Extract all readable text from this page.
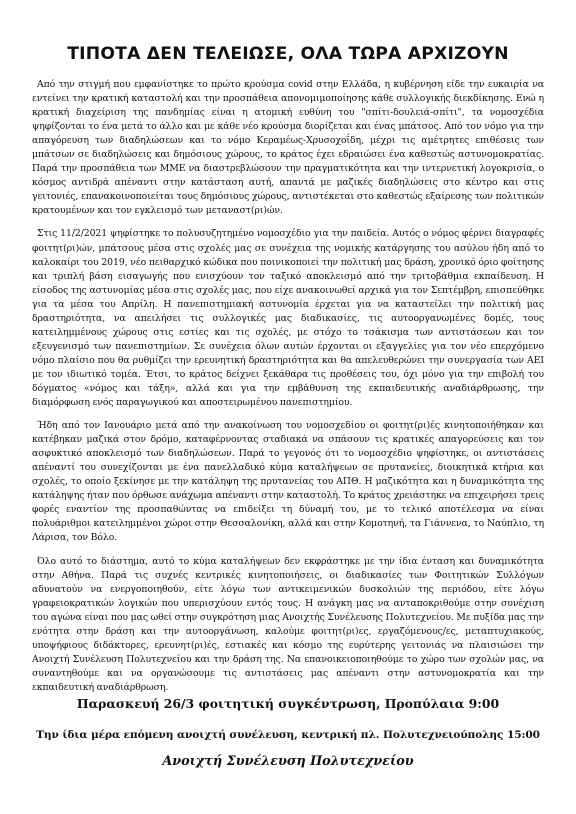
ΤΙΠΟΤΑ ΔΕΝ ΤΕΛΕΙΩΣΕ, ΟΛΑ ΤΩΡΑ ΑΡΧΙΖΟΥΝ

Από την στιγμή που εμφανίστηκε το πρώτο κρούσμα covid στην Ελλάδα, η κυβέρνηση είδε την ευκαιρία να εντείνει την κρατική καταστολή και την προσπάθεια απονομιμοποίησης κάθε συλλογικής διεκδίκησης. Ενώ η κρατική διαχείριση της πανδημίας είναι η ατομική ευθύνη του "σπίτι-δουλειά-σπίτι", τα νομοσχέδια ψηφίζονται το ένα μετά το άλλο και με κάθε νέο κρούσμα διορίζεται και ένας μπάτσος. Από τον νόμο για την απαγόρευση των διαδηλώσεων και το νόμο Κεραμέως-Χρυσοχοΐδη, μέχρι τις αμέτρητες επιθέσεις των μπάτσων σε διαδηλώσεις και δημόσιους χώρους, το κράτος έχει εδραιώσει ένα καθεστώς αστυνομοκρατίας. Παρά την προσπάθεια των ΜΜΕ να διαστρεβλώσουν την πραγματικότητα και την ιντερνετική λογοκρισία, ο κόσμος αντιδρά απέναντι στην κατάσταση αυτή, απαντά με μαζικές διαδηλώσεις στο κέντρο και στις γειτονιές, επανακοινοποιείται τους δημόσιους χώρους, αντιστέκεται στο καθεστώς εξαίρεσης των πολιτικών κρατουμένων και τον εγκλεισμό των μεταναστ(ρι)ών.

Στις 11/2/2021 ψηφίστηκε το πολυσυζητημένο νομοσχέδιο για την παιδεία. Αυτός ο νόμος φέρνει διαγραφές φοιτητ(ρι)ών, μπάτσους μέσα στις σχολές μας σε συνέχεια της νομικής κατάργησης του ασύλου ήδη από το καλοκαίρι του 2019, νέο πειθαρχικό κώδικα που ποινικοποιεί την πολιτική μας δράση, χρονικό όριο φοίτησης και τριπλή βάση εισαγωγής που ενισχύουν τον ταξικό αποκλεισμό από την τριτοβάθμια εκπαίδευση. Η είσοδος της αστυνομίας μέσα στις σχολές μας, που είχε ανακοινωθεί αρχικά για τον Σεπτέμβρη, επισπεύθηκε για τα μέσα του Απρίλη. Η πανεπιστημιακή αστυνομία έρχεται για να καταστείλει την πολιτική μας δραστηριότητα, να απειλήσει τις συλλογικές μας διαδικασίες, τις αυτοοργανωμένες δομές, τους κατειλημμένους χώρους στις εστίες και τις σχολές, με στόχο το τσάκισμα των αντιστάσεων και τον εξευγενισμό των πανεπιστημίων. Σε συνέχεια όλων αυτών έρχονται οι εξαγγελίες για τον νέο επερχόμενο νόμο πλαίσιο που θα ρυθμίζει την ερευνητική δραστηριότητα και θα απελευθερώνει την συνεργασία των ΑΕΙ με τον ιδιωτικό τομέα. Έτσι, το κράτος δείχνει ξεκάθαρα τις προθέσεις του, όχι μόνο για την επιβολή του δόγματος «νόμος και τάξη», αλλά και για την εμβάθυνση της εκπαιδευτικής αναδιάρθρωσης, την διαμόρφωση ενός παραγωγικού και αποστειρωμένου πανεπιστημίου.

Ήδη από τον Ιανουάριο μετά από την ανακοίνωση του νομοσχεδίου οι φοιτητ(ρι)ές κινητοποιήθηκαν και κατέβηκαν μαζικά στον δρόμο, καταφέρνοντας σταδιακά να σπάσουν τις κρατικές απαγορεύσεις και τον ασφυκτικό αποκλεισμό των διαδηλώσεων. Παρά το γεγονός ότι το νομοσχέδιο ψηφίστηκε, οι αντιστάσεις απέναντί του συνεχίζονται με ένα πανελλαδικό κύμα καταλήψεων σε πρυτανείες, διοικητικά κτήρια και σχολές, το οποίο ξεκίνησε με την κατάληψη της πρυτανείας του ΑΠΘ. Η μαζικότητα και η δυναμικότητα της κατάληψης ήταν που όρθωσε ανάχωμα απέναντι στην καταστολή. Το κράτος χρειάστηκε να επιχειρήσει τρεις φορές εναντίον της προσπαθώντας να επιδείξει τη δύναμή του, με το τελικό αποτέλεσμα να είναι πολυάριθμοι κατειλημμένοι χώροι στην Θεσσαλονίκη, αλλά και στην Κομοτηνή, τα Γιάννενα, το Ναύπλιο, τη Λάρισα, τον Βόλο.

Όλο αυτό το διάστημα, αυτό το κύμα καταλήψεων δεν εκφράστηκε με την ίδια ένταση και δυναμικότητα στην Αθήνα. Παρά τις συχνές κεντρικές κινητοποιήσεις, οι διαδικασίες των Φοιτητικών Συλλόγων αδυνατούν να ενεργοποιηθούν, είτε λόγω των αντικειμενικών δυσκολιών της περιόδου, είτε λόγω γραφειοκρατικών λογικών που υπερισχύουν εντός τους. Η ανάγκη μας να ανταποκριθούμε στην συνέχιση του αγώνα είναι που μας ωθεί στην συγκρότηση μιας Ανοιχτής Συνέλευσης Πολυτεχνείου. Με πυξίδα μας την ενότητα στην δράση και την αυτοοργάνωση, καλούμε φοιτητ(ρι)ες, εργαζόμενους/ες, μεταπτυχιακούς, υποψήφιους διδάκτορες, ερευνητ(ρι)ές, εστιακές και κόσμο της ευρύτερης γειτονιάς να πλαισιώσει την Ανοιχτή Συνέλευση Πολυτεχνείου και την δράση της. Να επανοικειοποιηθούμε το χώρο των σχολών μας, να συναντηθούμε και να οργανώσουμε τις αντιστάσεις μας απέναντι στην αστυνομοκρατία και την εκπαιδευτική αναδιάρθρωση.

Παρασκευή 26/3 φοιτητική συγκέντρωση, Προπύλαια 9:00
Την ίδια μέρα επόμενη ανοιχτή συνέλευση, κεντρική πλ. Πολυτεχνειούπολης 15:00
Ανοιχτή Συνέλευση Πολυτεχνείου
